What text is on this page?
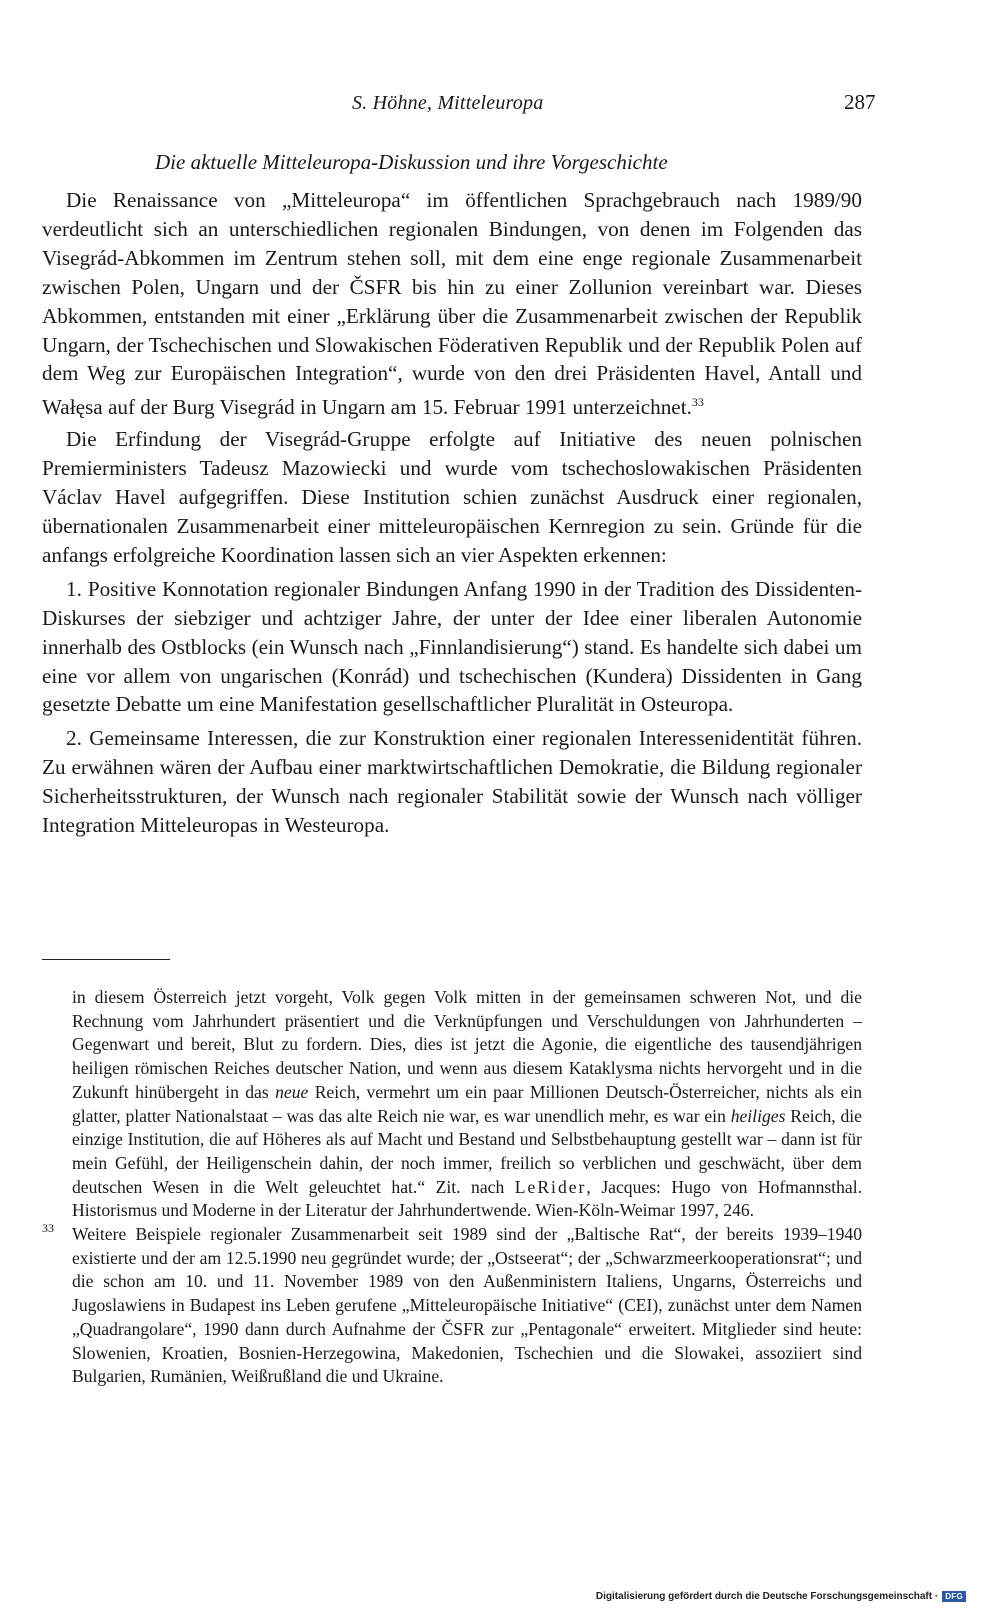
S. Höhne, Mitteleuropa	287
Die aktuelle Mitteleuropa-Diskussion und ihre Vorgeschichte

Die Renaissance von „Mitteleuropa“ im öffentlichen Sprachgebrauch nach 1989/90 verdeutlicht sich an unterschiedlichen regionalen Bindungen, von denen im Folgenden das Visegrád-Abkommen im Zentrum stehen soll, mit dem eine enge regionale Zusammenarbeit zwischen Polen, Ungarn und der ČSFR bis hin zu einer Zollunion vereinbart war. Dieses Abkommen, entstanden mit einer „Erklärung über die Zusammenarbeit zwischen der Republik Ungarn, der Tschechischen und Slowakischen Föderativen Republik und der Republik Polen auf dem Weg zur Europäischen Integration“, wurde von den drei Präsidenten Havel, Antall und Wałęsa auf der Burg Visegrád in Ungarn am 15. Februar 1991 unterzeichnet.$^{33}$

Die Erfindung der Visegrád-Gruppe erfolgte auf Initiative des neuen polnischen Premierministers Tadeusz Mazowiecki und wurde vom tschechoslowakischen Präsidenten Václav Havel aufgegriffen. Diese Institution schien zunächst Ausdruck einer regionalen, übernationalen Zusammenarbeit einer mitteleuropäischen Kernregion zu sein. Gründe für die anfangs erfolgreiche Koordination lassen sich an vier Aspekten erkennen:

1. Positive Konnotation regionaler Bindungen Anfang 1990 in der Tradition des Dissidenten-Diskurses der siebziger und achtziger Jahre, der unter der Idee einer liberalen Autonomie innerhalb des Ostblocks (ein Wunsch nach „Finnlandisierung“) stand. Es handelte sich dabei um eine vor allem von ungarischen (Konrád) und tschechischen (Kundera) Dissidenten in Gang gesetzte Debatte um eine Manifestation gesellschaftlicher Pluralität in Osteuropa.

2. Gemeinsame Interessen, die zur Konstruktion einer regionalen Interessenidentität führen. Zu erwähnen wären der Aufbau einer marktwirtschaftlichen Demokratie, die Bildung regionaler Sicherheitsstrukturen, der Wunsch nach regionaler Stabilität sowie der Wunsch nach völliger Integration Mitteleuropas in Westeuropa.

in diesem Österreich jetzt vorgeht, Volk gegen Volk mitten in der gemeinsamen schweren Not, und die Rechnung vom Jahrhundert präsentiert und die Verknüpfungen und Verschuldungen von Jahrhunderten – Gegenwart und bereit, Blut zu fordern. Dies, dies ist jetzt die Agonie, die eigentliche des tausendjährigen heiligen römischen Reiches deutscher Nation, und wenn aus diesem Kataklysma nichts hervorgeht und in die Zukunft hinübergeht in das neue Reich, vermehrt um ein paar Millionen Deutsch-Österreicher, nichts als ein glatter, platter Nationalstaat – was das alte Reich nie war, es war unendlich mehr, es war ein heiliges Reich, die einzige Institution, die auf Höheres als auf Macht und Bestand und Selbstbehauptung gestellt war – dann ist für mein Gefühl, der Heiligenschein dahin, der noch immer, freilich so verblichen und geschwächt, über dem deutschen Wesen in die Welt geleuchtet hat.“ Zit. nach LeRider, Jacques: Hugo von Hofmannsthal. Historismus und Moderne in der Literatur der Jahrhundertwende. Wien-Köln-Weimar 1997, 246.

33 Weitere Beispiele regionaler Zusammenarbeit seit 1989 sind der „Baltische Rat“, der bereits 1939–1940 existierte und der am 12.5.1990 neu gegründet wurde; der „Ostseerat“; der „Schwarzmeerkooperationsrat“; und die schon am 10. und 11. November 1989 von den Außenministern Italiens, Ungarns, Österreichs und Jugoslawiens in Budapest ins Leben gerufene „Mitteleuropäische Initiative“ (CEI), zunächst unter dem Namen „Quadrangolare“, 1990 dann durch Aufnahme der ČSFR zur „Pentagonale“ erweitert. Mitglieder sind heute: Slowenien, Kroatien, Bosnien-Herzegowina, Makedonien, Tschechien und die Slowakei, assoziiert sind Bulgarien, Rumänien, Weißrußland die und Ukraine.

Digitalisierung gefördert durch die Deutsche Forschungsgemeinschaft · DFG
